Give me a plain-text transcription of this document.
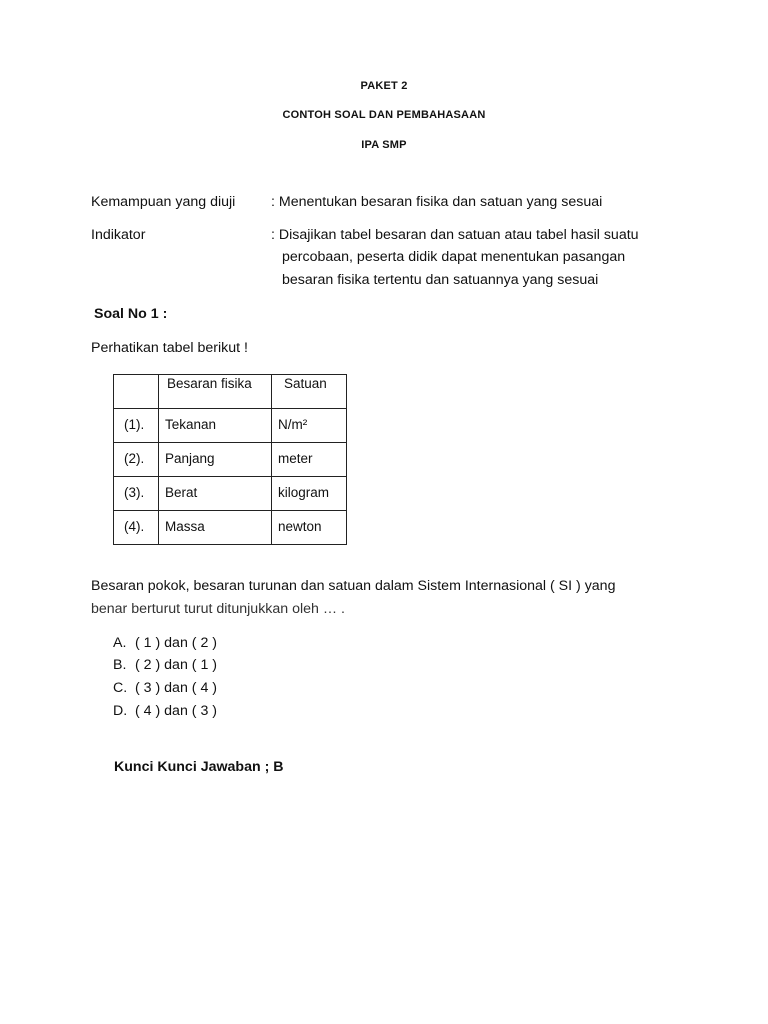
PAKET 2
CONTOH SOAL DAN PEMBAHASAAN
IPA SMP
Kemampuan yang diuji	: Menentukan besaran fisika dan satuan yang sesuai
Indikator	: Disajikan tabel besaran dan satuan atau tabel hasil suatu
percobaan, peserta didik dapat menentukan pasangan
besaran fisika tertentu dan satuannya yang sesuai
Soal No 1 :
Perhatikan tabel berikut !

	Besaran fisika	Satuan

(1).	Tekanan	N/m²

(2).	Panjang	meter

(3).	Berat	kilogram

(4).	Massa	newton
Besaran pokok, besaran turunan dan satuan dalam Sistem Internasional ( SI ) yang
benar berturut turut ditunjukkan oleh … .
A. ( 1 ) dan ( 2 )
B. ( 2 ) dan ( 1 )
C. ( 3 ) dan ( 4 )
D. ( 4 ) dan ( 3 )
Kunci Kunci Jawaban ; B
